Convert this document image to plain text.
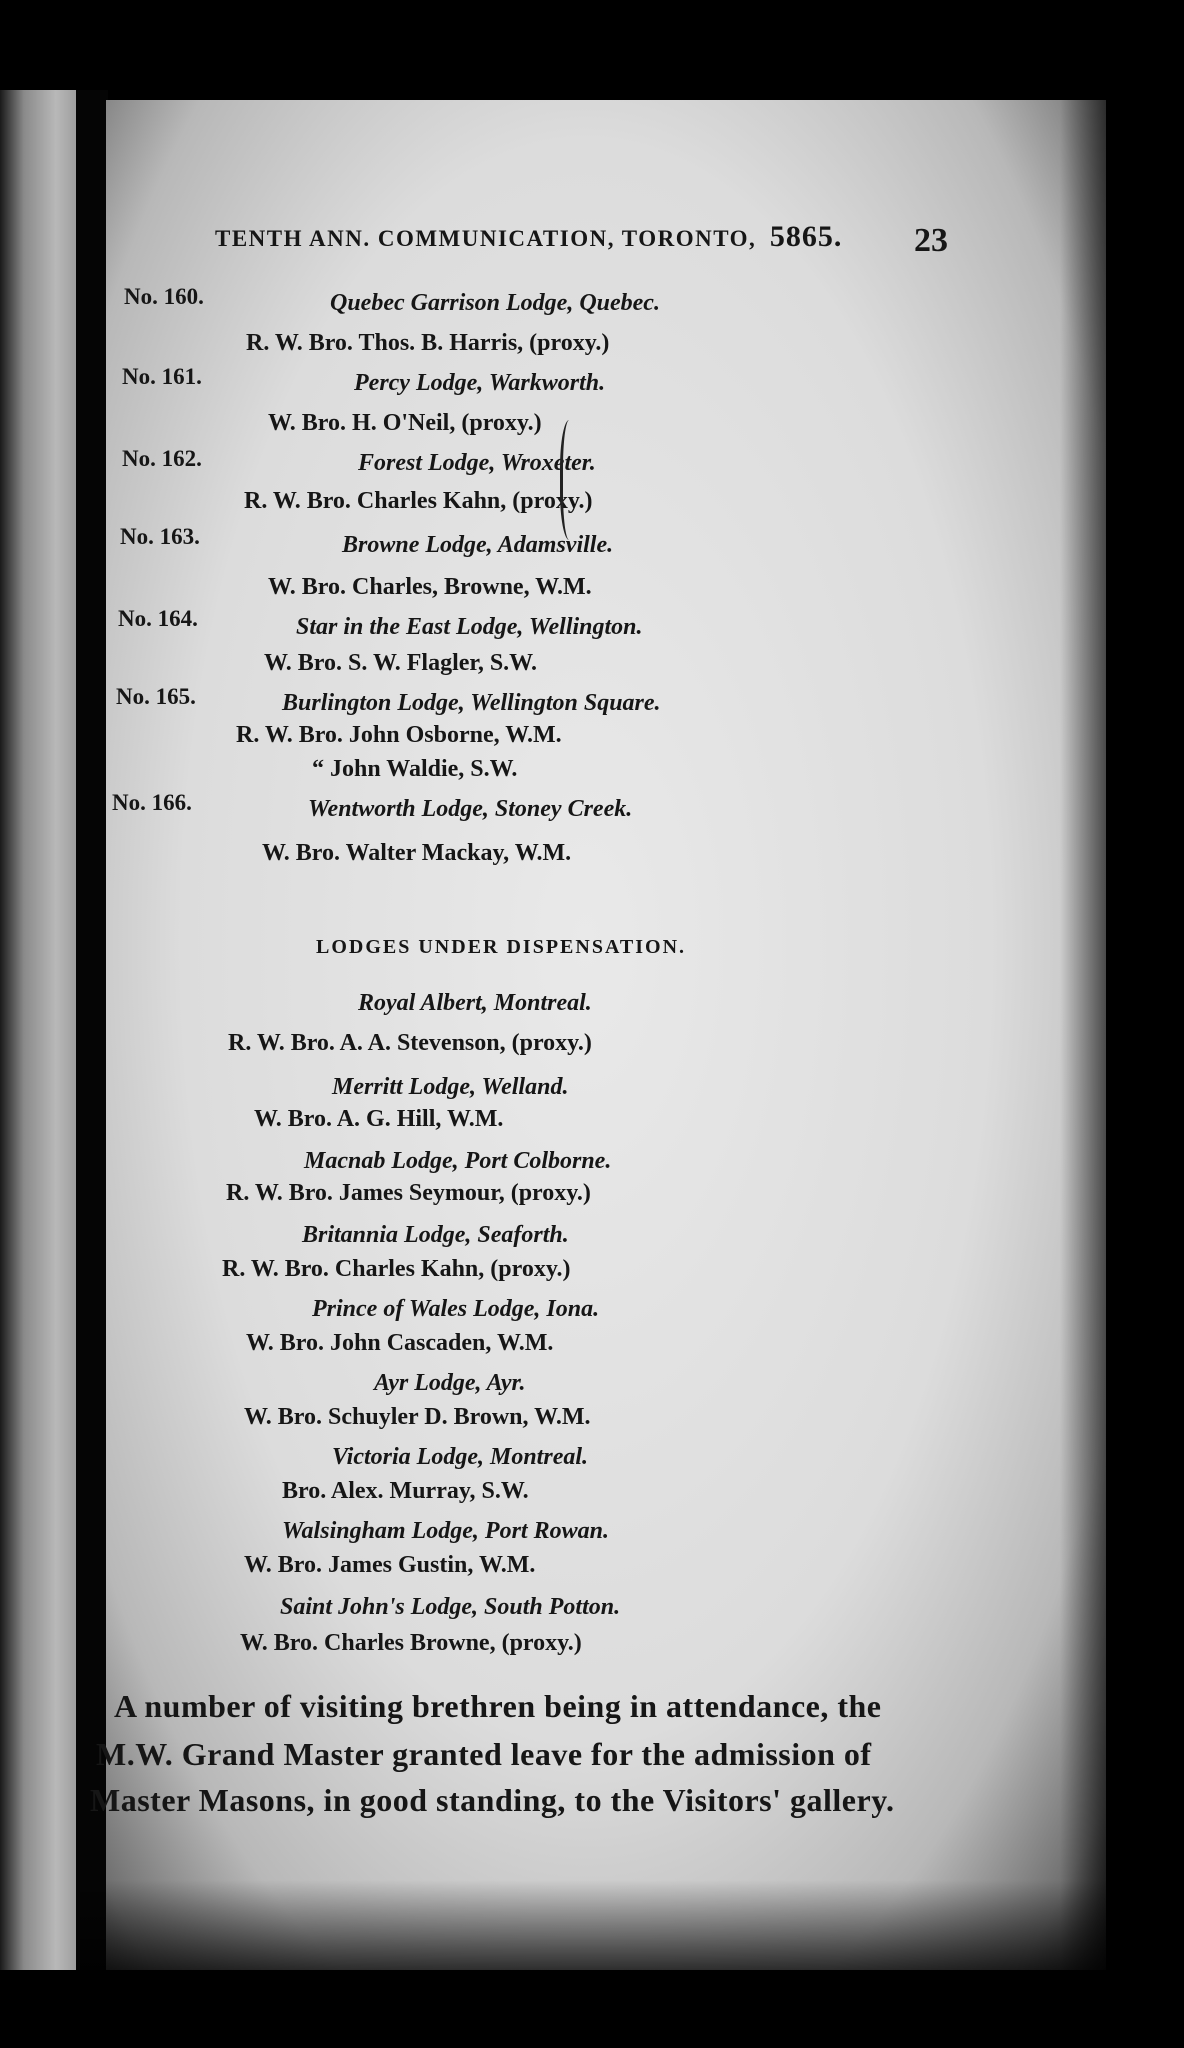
TENTH ANN. COMMUNICATION, TORONTO, 5865. 23
No. 160.	Quebec Garrison Lodge, Quebec.
R. W. Bro. Thos. B. Harris, (proxy.)
No. 161.	Percy Lodge, Warkworth.
W. Bro. H. O'Neil, (proxy.)
No. 162.	Forest Lodge, Wroxeter.
R. W. Bro. Charles Kahn, (proxy.)
No. 163.	Browne Lodge, Adamsville.
W. Bro. Charles, Browne, W.M.
No. 164.	Star in the East Lodge, Wellington.
W. Bro. S. W. Flagler, S.W.
No. 165.	Burlington Lodge, Wellington Square.
R. W. Bro. John Osborne, W.M.
“ John Waldie, S.W.
No. 166.	Wentworth Lodge, Stoney Creek.
W. Bro. Walter Mackay, W.M.
LODGES UNDER DISPENSATION.
Royal Albert, Montreal.
R. W. Bro. A. A. Stevenson, (proxy.)
Merritt Lodge, Welland.
W. Bro. A. G. Hill, W.M.
Macnab Lodge, Port Colborne.
R. W. Bro. James Seymour, (proxy.)
Britannia Lodge, Seaforth.
R. W. Bro. Charles Kahn, (proxy.)
Prince of Wales Lodge, Iona.
W. Bro. John Cascaden, W.M.
Ayr Lodge, Ayr.
W. Bro. Schuyler D. Brown, W.M.
Victoria Lodge, Montreal.
Bro. Alex. Murray, S.W.
Walsingham Lodge, Port Rowan.
W. Bro. James Gustin, W.M.
Saint John's Lodge, South Potton.
W. Bro. Charles Browne, (proxy.)
A number of visiting brethren being in attendance, the
M.W. Grand Master granted leave for the admission of
Master Masons, in good standing, to the Visitors' gallery.
